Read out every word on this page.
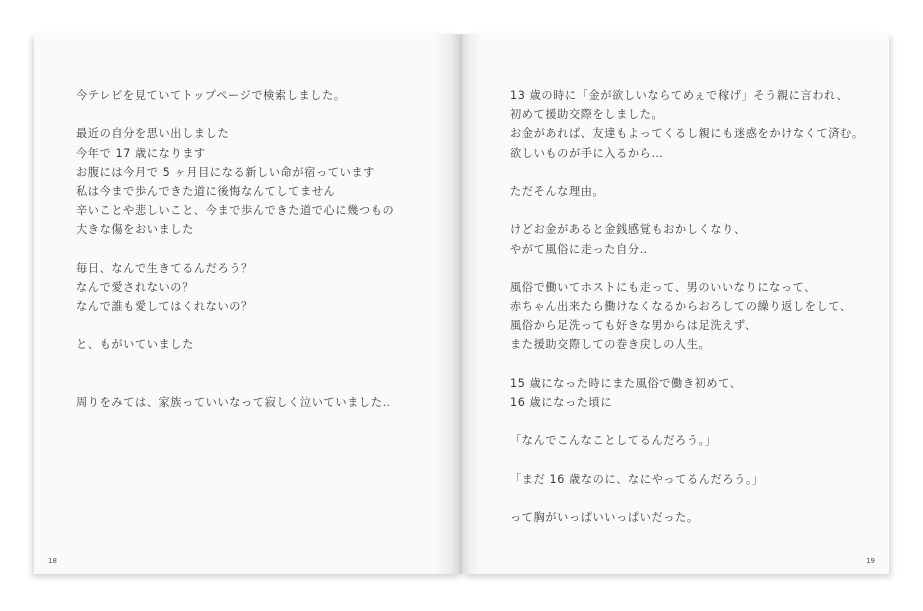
今テレビを見ていてトップページで検索しました。
最近の自分を思い出しました
今年で 17 歳になります
お腹には今月で 5 ヶ月目になる新しい命が宿っています
私は今まで歩んできた道に後悔なんてしてません
辛いことや悲しいこと、今まで歩んできた道で心に幾つもの
大きな傷をおいました
毎日、なんで生きてるんだろう？
なんで愛されないの？
なんで誰も愛してはくれないの？
と、もがいていました
周りをみては、家族っていいなって寂しく泣いていました‥
18
13 歳の時に「金が欲しいならてめぇで稼げ」そう親に言われ、
初めて援助交際をしました。
お金があれば、友達もよってくるし親にも迷惑をかけなくて済む。
欲しいものが手に入るから…
ただそんな理由。
けどお金があると金銭感覚もおかしくなり、
やがて風俗に走った自分‥
風俗で働いてホストにも走って、男のいいなりになって、
赤ちゃん出来たら働けなくなるからおろしての繰り返しをして、
風俗から足洗っても好きな男からは足洗えず、
また援助交際しての巻き戻しの人生。
15 歳になった時にまた風俗で働き初めて、
16 歳になった頃に
「なんでこんなことしてるんだろう。」
「まだ 16 歳なのに、なにやってるんだろう。」
って胸がいっぱいいっぱいだった。
19
